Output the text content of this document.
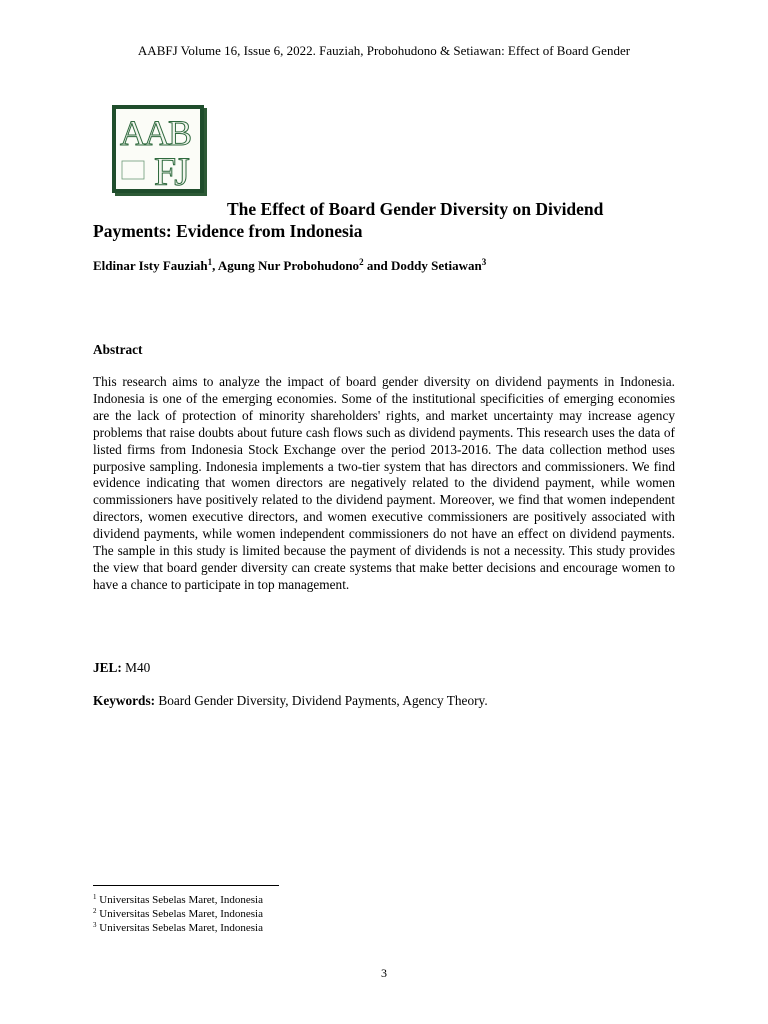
AABFJ Volume 16, Issue 6, 2022. Fauziah, Probohudono & Setiawan: Effect of Board Gender
AAB
FJ
The Effect of Board Gender Diversity on Dividend Payments: Evidence from Indonesia
Eldinar Isty Fauziah$^1$, Agung Nur Probohudono$^2$ and Doddy Setiawan$^3$
Abstract

This research aims to analyze the impact of board gender diversity on dividend payments in Indonesia. Indonesia is one of the emerging economies. Some of the institutional specificities of emerging economies are the lack of protection of minority shareholders' rights, and market uncertainty may increase agency problems that raise doubts about future cash flows such as dividend payments. This research uses the data of listed firms from Indonesia Stock Exchange over the period 2013-2016. The data collection method uses purposive sampling. Indonesia implements a two-tier system that has directors and commissioners. We find evidence indicating that women directors are negatively related to the dividend payment, while women commissioners have positively related to the dividend payment. Moreover, we find that women independent directors, women executive directors, and women executive commissioners are positively associated with dividend payments, while women independent commissioners do not have an effect on dividend payments. The sample in this study is limited because the payment of dividends is not a necessity. This study provides the view that board gender diversity can create systems that make better decisions and encourage women to have a chance to participate in top management.

JEL: M40
Keywords: Board Gender Diversity, Dividend Payments, Agency Theory.
$^1$ Universitas Sebelas Maret, Indonesia
$^2$ Universitas Sebelas Maret, Indonesia
$^3$ Universitas Sebelas Maret, Indonesia
3
